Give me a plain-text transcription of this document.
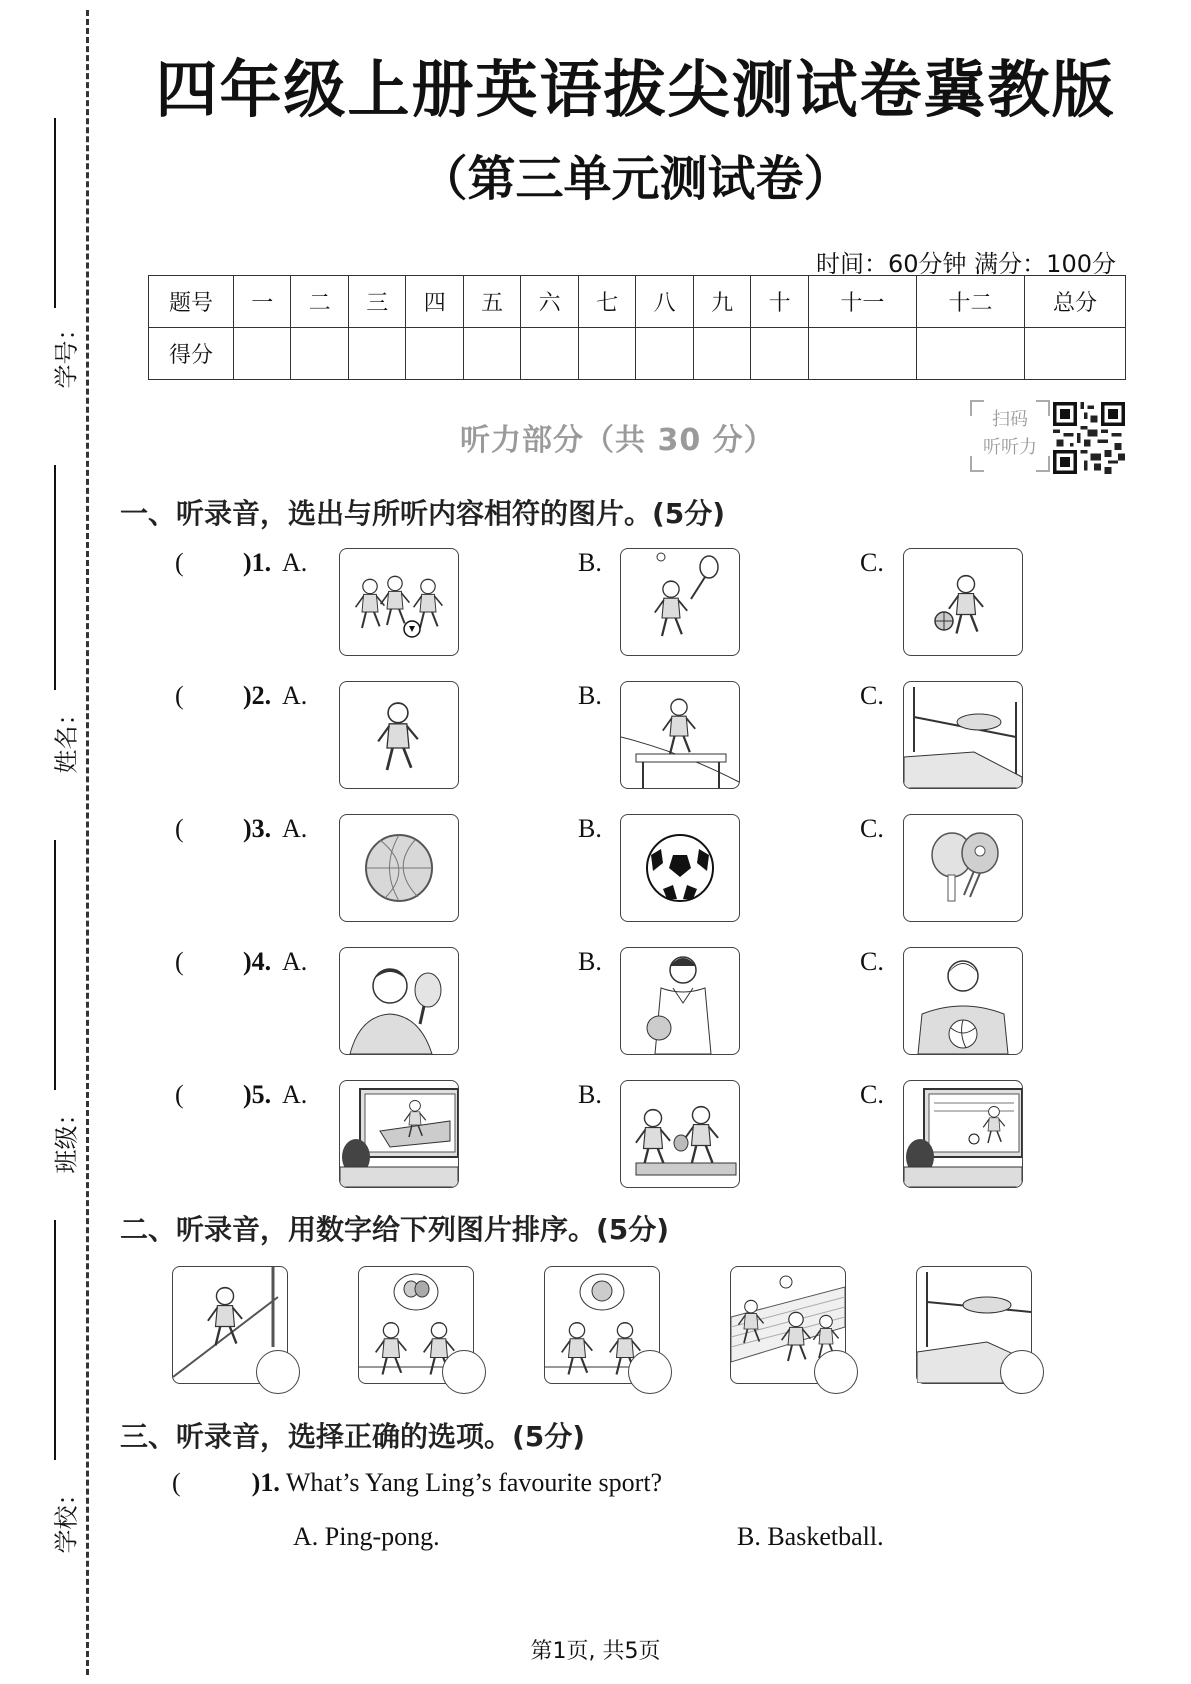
学号：
姓名：
班级：
学校：
四年级上册英语拔尖测试卷冀教版
（第三单元测试卷）
时间：60分钟 满分：100分
题号	一	二	三	四	五	六	七	八	九	十	十一	十二	总分
得分													
听力部分（共 30 分）
扫码
听听力
一、听录音，选出与所听内容相符的图片。(5分)
( )1. A.	B.	C.
( )2. A.	B.	C.
( )3. A.	B.	C.
( )4. A.	B.	C.
( )5. A.	B.	C.
二、听录音，用数字给下列图片排序。(5分)
三、听录音，选择正确的选项。(5分)
(	)1. What’s Yang Ling’s favourite sport?
A. Ping-pong.	B. Basketball.
第1页, 共5页
